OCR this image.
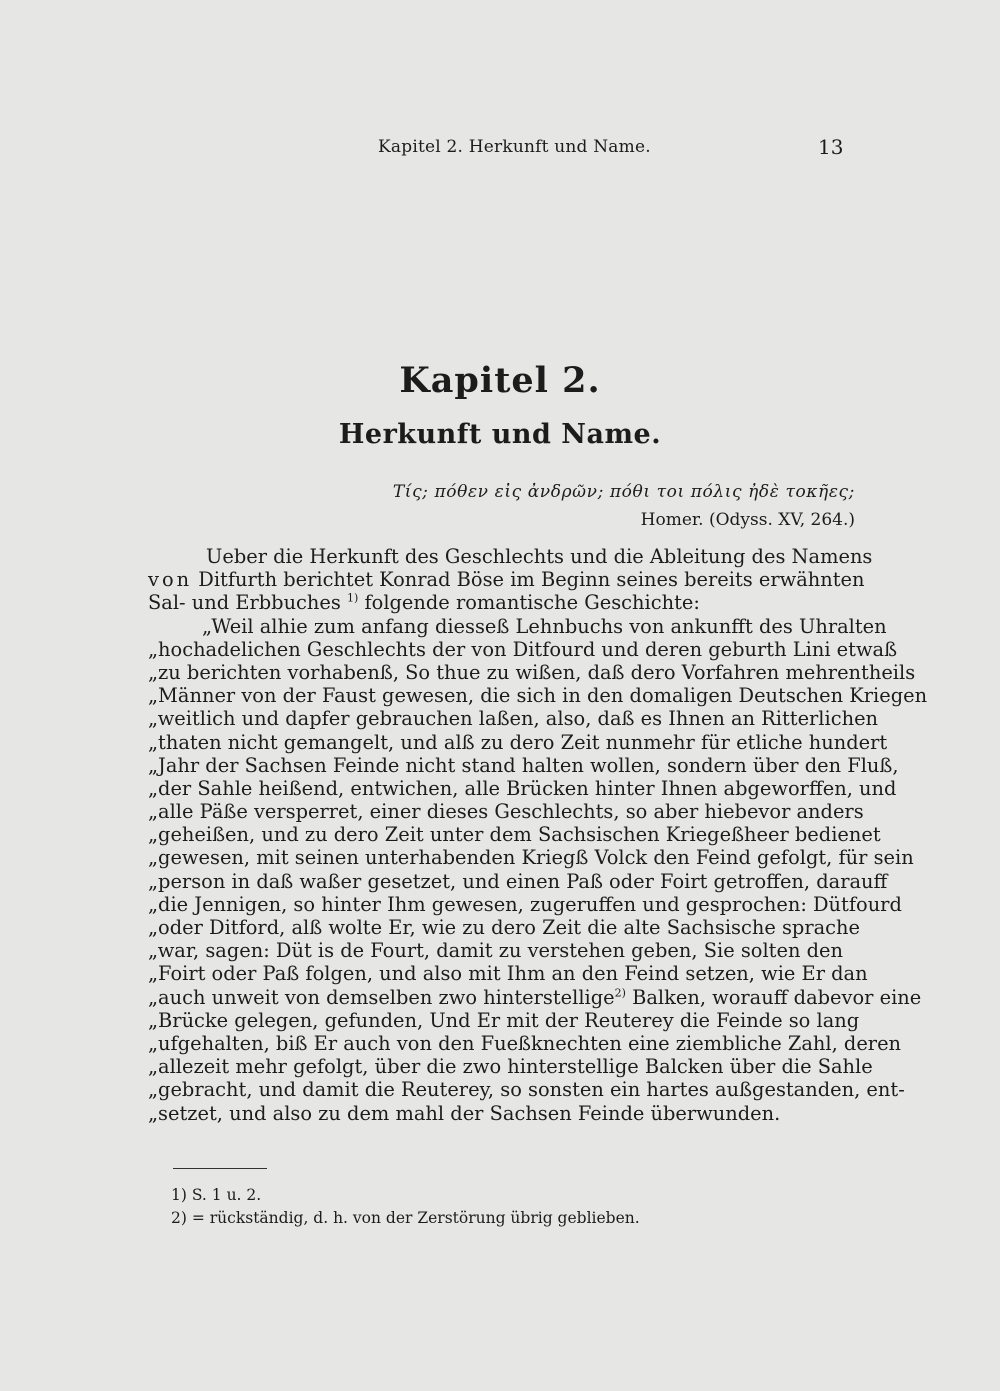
Kapitel 2. Herkunft und Name.	13
Kapitel 2.
Herkunft und Name.
Τίς; πόθεν εἰς ἀνδρῶν; πόθι τοι πόλις ἠδὲ τοκῆες;
Homer. (Odyss. XV, 264.)
Ueber die Herkunft des Geschlechts und die Ableitung des Namens
von Ditfurth berichtet Konrad Böse im Beginn seines bereits erwähnten
Sal- und Erbbuches $^{1)}$ folgende romantische Geschichte:
„Weil alhie zum anfang diesseß Lehnbuchs von ankunfft des Uhralten
„hochadelichen Geschlechts der von Ditfourd und deren geburth Lini etwaß
„zu berichten vorhabenß, So thue zu wißen, daß dero Vorfahren mehrentheils
„Männer von der Faust gewesen, die sich in den domaligen Deutschen Kriegen
„weitlich und dapfer gebrauchen laßen, also, daß es Ihnen an Ritterlichen
„thaten nicht gemangelt, und alß zu dero Zeit nunmehr für etliche hundert
„Jahr der Sachsen Feinde nicht stand halten wollen, sondern über den Fluß,
„der Sahle heißend, entwichen, alle Brücken hinter Ihnen abgeworffen, und
„alle Päße versperret, einer dieses Geschlechts, so aber hiebevor anders
„geheißen, und zu dero Zeit unter dem Sachsischen Kriegeßheer bedienet
„gewesen, mit seinen unterhabenden Kriegß Volck den Feind gefolgt, für sein
„person in daß waßer gesetzet, und einen Paß oder Foirt getroffen, darauff
„die Jennigen, so hinter Ihm gewesen, zugeruffen und gesprochen: Dütfourd
„oder Ditford, alß wolte Er, wie zu dero Zeit die alte Sachsische sprache
„war, sagen: Düt is de Fourt, damit zu verstehen geben, Sie solten den
„Foirt oder Paß folgen, und also mit Ihm an den Feind setzen, wie Er dan
„auch unweit von demselben zwo hinterstellige$^{2)}$ Balken, worauff dabevor eine
„Brücke gelegen, gefunden, Und Er mit der Reuterey die Feinde so lang
„ufgehalten, biß Er auch von den Fueßknechten eine ziembliche Zahl, deren
„allezeit mehr gefolgt, über die zwo hinterstellige Balcken über die Sahle
„gebracht, und damit die Reuterey, so sonsten ein hartes außgestanden, ent-
„setzet, und also zu dem mahl der Sachsen Feinde überwunden.
1) S. 1 u. 2.
2) = rückständig, d. h. von der Zerstörung übrig geblieben.
